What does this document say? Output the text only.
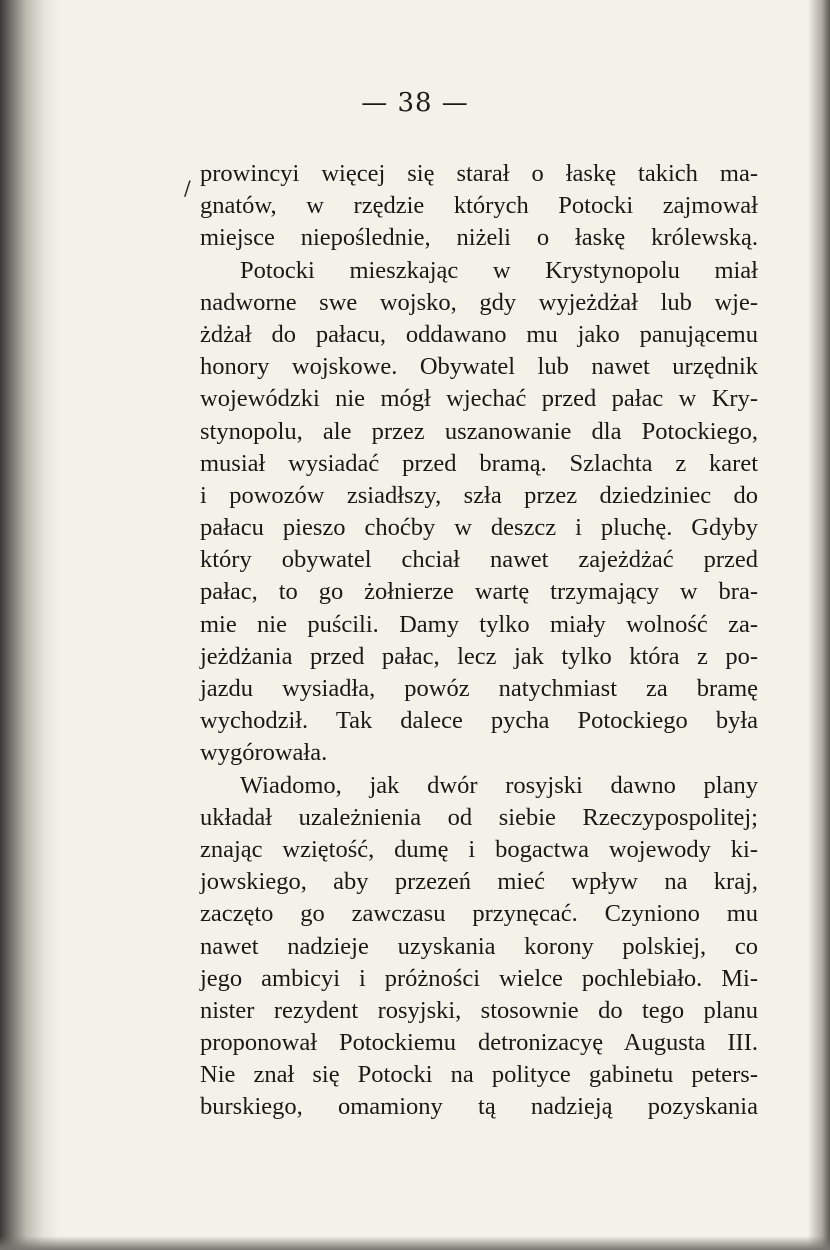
— 38 —
/
prowincyi więcej się starał o łaskę takich ma-
gnatów, w rzędzie których Potocki zajmował
miejsce niepoślednie, niżeli o łaskę królewską.
Potocki mieszkając w Krystynopolu miał
nadworne swe wojsko, gdy wyjeżdżał lub wje-
żdżał do pałacu, oddawano mu jako panującemu
honory wojskowe. Obywatel lub nawet urzędnik
wojewódzki nie mógł wjechać przed pałac w Kry-
stynopolu, ale przez uszanowanie dla Potockiego,
musiał wysiadać przed bramą. Szlachta z karet
i powozów zsiadłszy, szła przez dziedziniec do
pałacu pieszo choćby w deszcz i pluchę. Gdyby
który obywatel chciał nawet zajeżdżać przed
pałac, to go żołnierze wartę trzymający w bra-
mie nie puścili. Damy tylko miały wolność za-
jeżdżania przed pałac, lecz jak tylko która z po-
jazdu wysiadła, powóz natychmiast za bramę
wychodził. Tak dalece pycha Potockiego była
wygórowała.
Wiadomo, jak dwór rosyjski dawno plany
układał uzależnienia od siebie Rzeczypospolitej;
znając wziętość, dumę i bogactwa wojewody ki-
jowskiego, aby przezeń mieć wpływ na kraj,
zaczęto go zawczasu przynęcać. Czyniono mu
nawet nadzieje uzyskania korony polskiej, co
jego ambicyi i próżności wielce pochlebiało. Mi-
nister rezydent rosyjski, stosownie do tego planu
proponował Potockiemu detronizacyę Augusta III.
Nie znał się Potocki na polityce gabinetu peters-
burskiego, omamiony tą nadzieją pozyskania
